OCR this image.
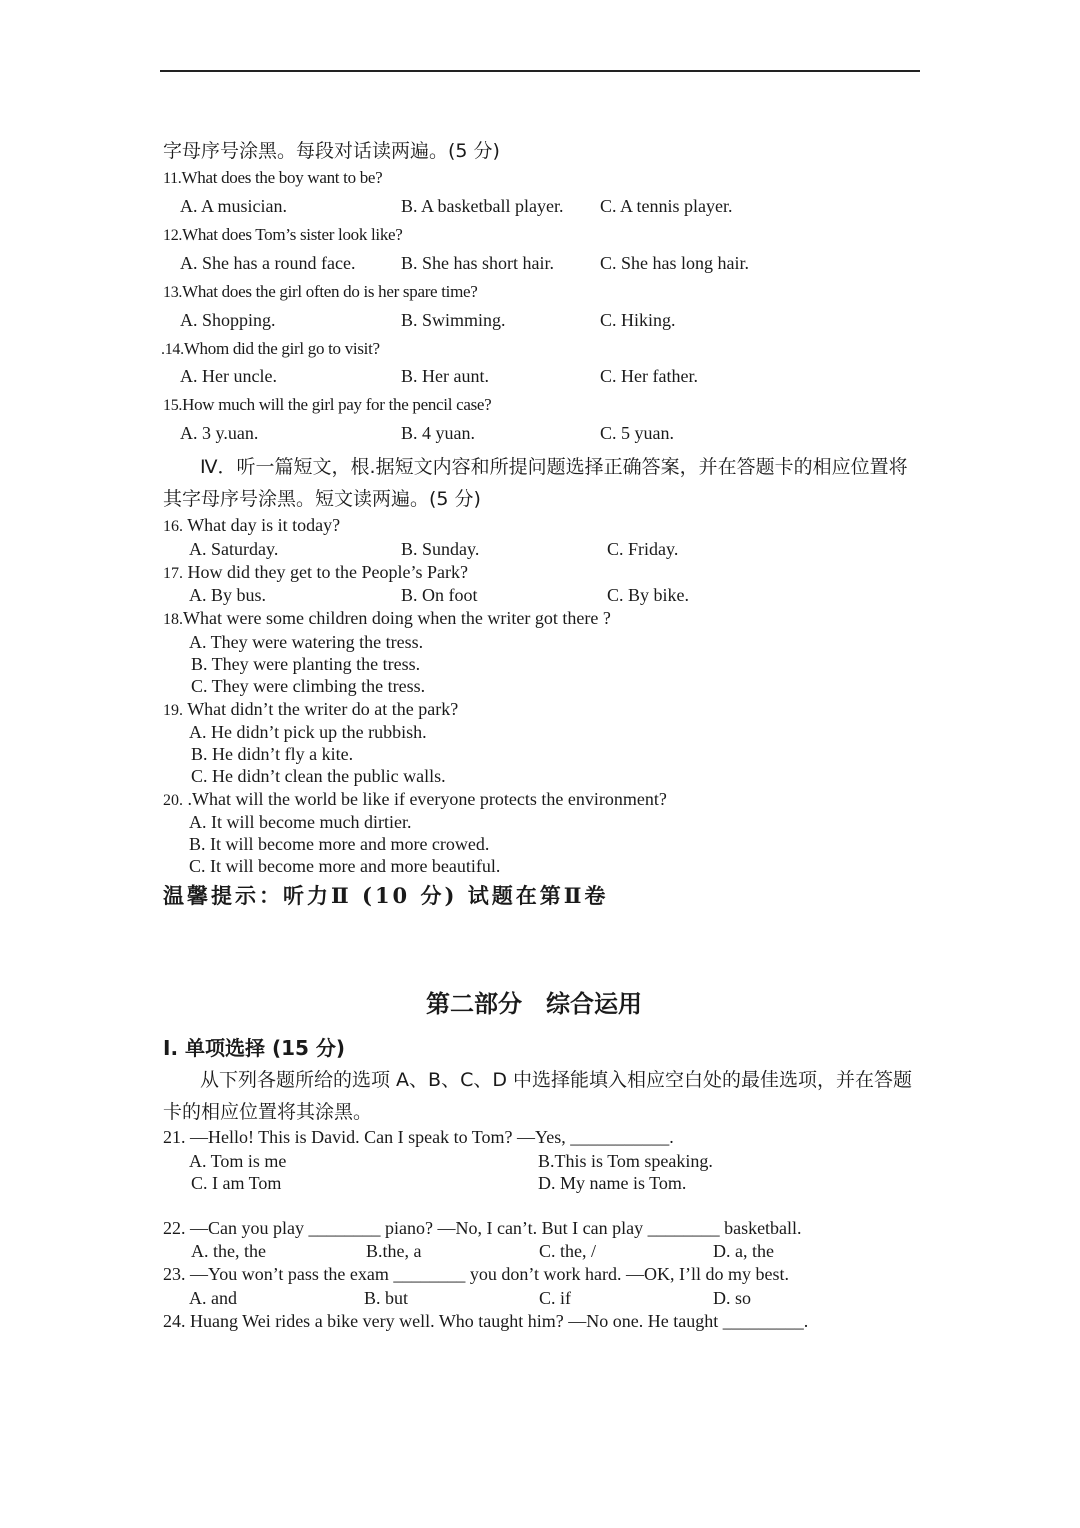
字母序号涂黑。每段对话读两遍。(5 分)
11.What does the boy want to be?
A. A musician.	B. A basketball player. C. A tennis player.
12.What does Tom’s sister look like?
A. She has a round face.	B. She has short hair.	C. She has long hair.
13.What does the girl often do is her spare time?
A. Shopping.	B. Swimming.	C. Hiking.
.14.Whom did the girl go to visit?
A. Her uncle.	B. Her aunt.	C. Her father.
15.How much will the girl pay for the pencil case?
A. 3 y.uan.	B. 4 yuan.	C. 5 yuan.
Ⅳ．听一篇短文，根.据短文内容和所提问题选择正确答案，并在答题卡的相应位置将
其字母序号涂黑。短文读两遍。(5 分)
16. What day is it today?
A. Saturday.	B. Sunday.	C. Friday.
17. How did they get to the People’s Park?
A. By bus.	B. On foot	C. By bike.
18.What were some children doing when the writer got there ?
A. They were watering the tress.
B. They were planting the tress.
C. They were climbing the tress.
19. What didn’t the writer do at the park?
A. He didn’t pick up the rubbish.
B. He didn’t fly a kite.
C. He didn’t clean the public walls.
20. .What will the world be like if everyone protects the environment?
A. It will become much dirtier.
B. It will become more and more crowed.
C. It will become more and more beautiful.
温馨提示：听力Ⅱ (10 分) 试题在第Ⅱ卷
第二部分　综合运用
Ⅰ. 单项选择 (15 分)
从下列各题所给的选项 A、B、C、D 中选择能填入相应空白处的最佳选项，并在答题
卡的相应位置将其涂黑。
21. —Hello! This is David. Can I speak to Tom? —Yes, ___________.
A. Tom is me	B.This is Tom speaking.
C. I am Tom	D. My name is Tom.
22. —Can you play ________ piano? —No, I can’t. But I can play ________ basketball.
A. the, the	B.the, a	C. the, /	D. a, the
23. —You won’t pass the exam ________ you don’t work hard. —OK, I’ll do my best.
A. and	B. but	C. if	D. so
24. Huang Wei rides a bike very well. Who taught him? —No one. He taught _________.
